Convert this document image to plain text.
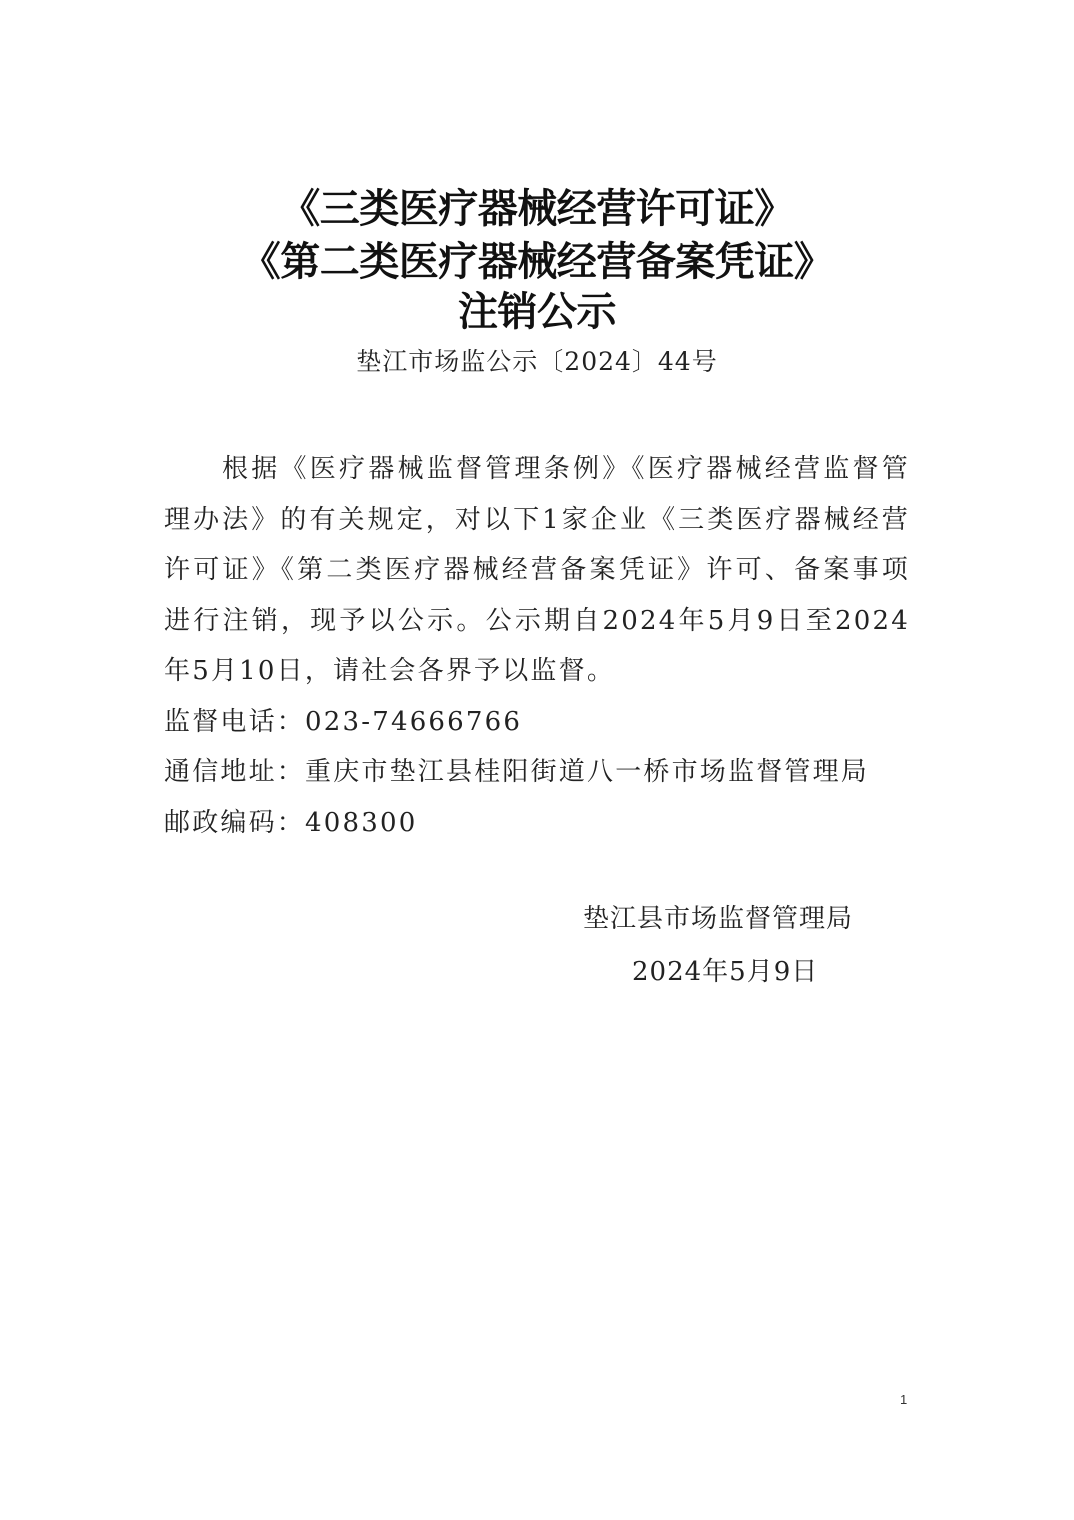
《三类医疗器械经营许可证》
《第二类医疗器械经营备案凭证》
注销公示
垫江市场监公示〔2024〕44号

根据《医疗器械监督管理条例》《医疗器械经营监督管理办法》的有关规定，对以下1家企业《三类医疗器械经营许可证》《第二类医疗器械经营备案凭证》许可、备案事项进行注销，现予以公示。公示期自2024年5月9日至2024年5月10日，请社会各界予以监督。

监督电话：023-74666766

通信地址：重庆市垫江县桂阳街道八一桥市场监督管理局

邮政编码：408300

垫江县市场监督管理局
2024年5月9日
1
